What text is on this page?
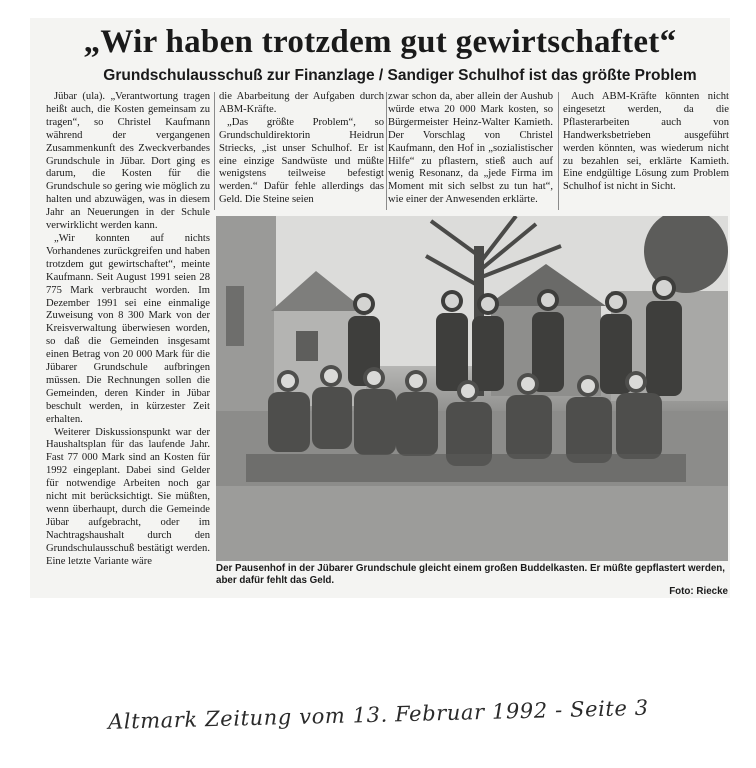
„Wir haben trotzdem gut gewirtschaftet“
Grundschulausschuß zur Finanzlage / Sandiger Schulhof ist das größte Problem

Jübar (ula). „Verantwortung tragen heißt auch, die Kosten gemeinsam zu tragen“, so Christel Kaufmann während der vergangenen Zusammenkunft des Zweckverbandes Grundschule in Jübar. Dort ging es darum, die Kosten für die Grundschule so gering wie möglich zu halten und abzuwägen, was in diesem Jahr an Neuerungen in der Schule verwirklicht werden kann.

„Wir konnten auf nichts Vorhandenes zurückgreifen und haben trotzdem gut gewirtschaftet“, meinte Kaufmann. Seit August 1991 seien 28 775 Mark verbraucht worden. Im Dezember 1991 sei eine einmalige Zuweisung von 8 300 Mark von der Kreisverwaltung überwiesen worden, so daß die Gemeinden insgesamt einen Betrag von 20 000 Mark für die Jübarer Grundschule aufbringen müssen. Die Rechnungen sollen die Gemeinden, deren Kinder in Jübar beschult werden, in kürzester Zeit erhalten.

Weiterer Diskussionspunkt war der Haushaltsplan für das laufende Jahr. Fast 77 000 Mark sind an Kosten für 1992 eingeplant. Dabei sind Gelder für notwendige Arbeiten noch gar nicht mit berücksichtigt. Sie müßten, wenn überhaupt, durch die Gemeinde Jübar aufgebracht, oder im Nachtragshaushalt durch den Grundschulausschuß bestätigt werden. Eine letzte Variante wäre

die Abarbeitung der Aufgaben durch ABM-Kräfte.

„Das größte Problem“, so Grundschuldirektorin Heidrun Striecks, „ist unser Schulhof. Er ist eine einzige Sandwüste und müßte wenigstens teilweise befestigt werden.“ Dafür fehle allerdings das Geld. Die Steine seien

zwar schon da, aber allein der Aushub würde etwa 20 000 Mark kosten, so Bürgermeister Heinz-Walter Kamieth. Der Vorschlag von Christel Kaufmann, den Hof in „sozialistischer Hilfe“ zu pflastern, stieß auch auf wenig Resonanz, da „jede Firma im Moment mit sich selbst zu tun hat“, wie einer der Anwesenden erklärte.

Auch ABM-Kräfte könnten nicht eingesetzt werden, da die Pflasterarbeiten auch von Handwerksbetrieben ausgeführt werden könnten, was wiederum nicht zu bezahlen sei, erklärte Kamieth. Eine endgültige Lösung zum Problem Schulhof ist nicht in Sicht.

Der Pausenhof in der Jübarer Grundschule gleicht einem großen Buddelkasten. Er müßte gepflastert werden, aber dafür fehlt das Geld.
Foto: Riecke
Altmark Zeitung vom 13. Februar 1992 - Seite 3
